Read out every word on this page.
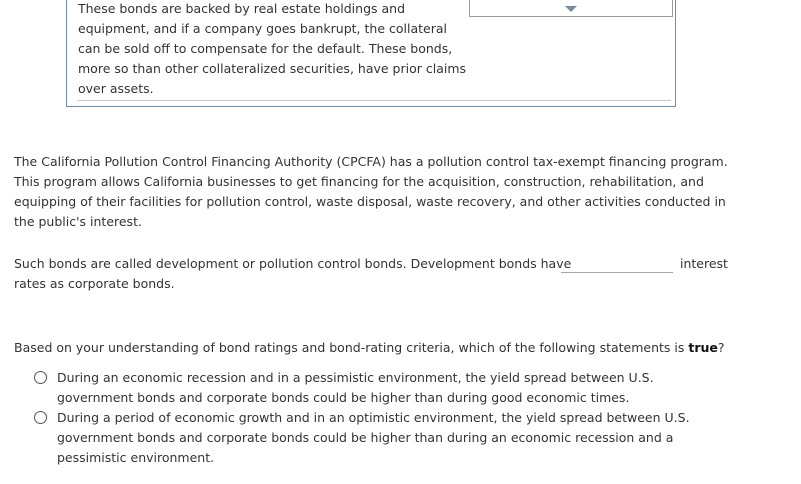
These bonds are backed by real estate holdings and equipment, and if a company goes bankrupt, the collateral can be sold off to compensate for the default. These bonds, more so than other collateralized securities, have prior claims over assets.

The California Pollution Control Financing Authority (CPCFA) has a pollution control tax-exempt financing program. This program allows California businesses to get financing for the acquisition, construction, rehabilitation, and equipping of their facilities for pollution control, waste disposal, waste recovery, and other activities conducted in the public's interest.

Such bonds are called development or pollution control bonds. Development bonds have	interest
rates as corporate bonds.
Based on your understanding of bond ratings and bond-rating criteria, which of the following statements is true?
During an economic recession and in a pessimistic environment, the yield spread between U.S. government bonds and corporate bonds could be higher than during good economic times.
During a period of economic growth and in an optimistic environment, the yield spread between U.S. government bonds and corporate bonds could be higher than during an economic recession and a pessimistic environment.
